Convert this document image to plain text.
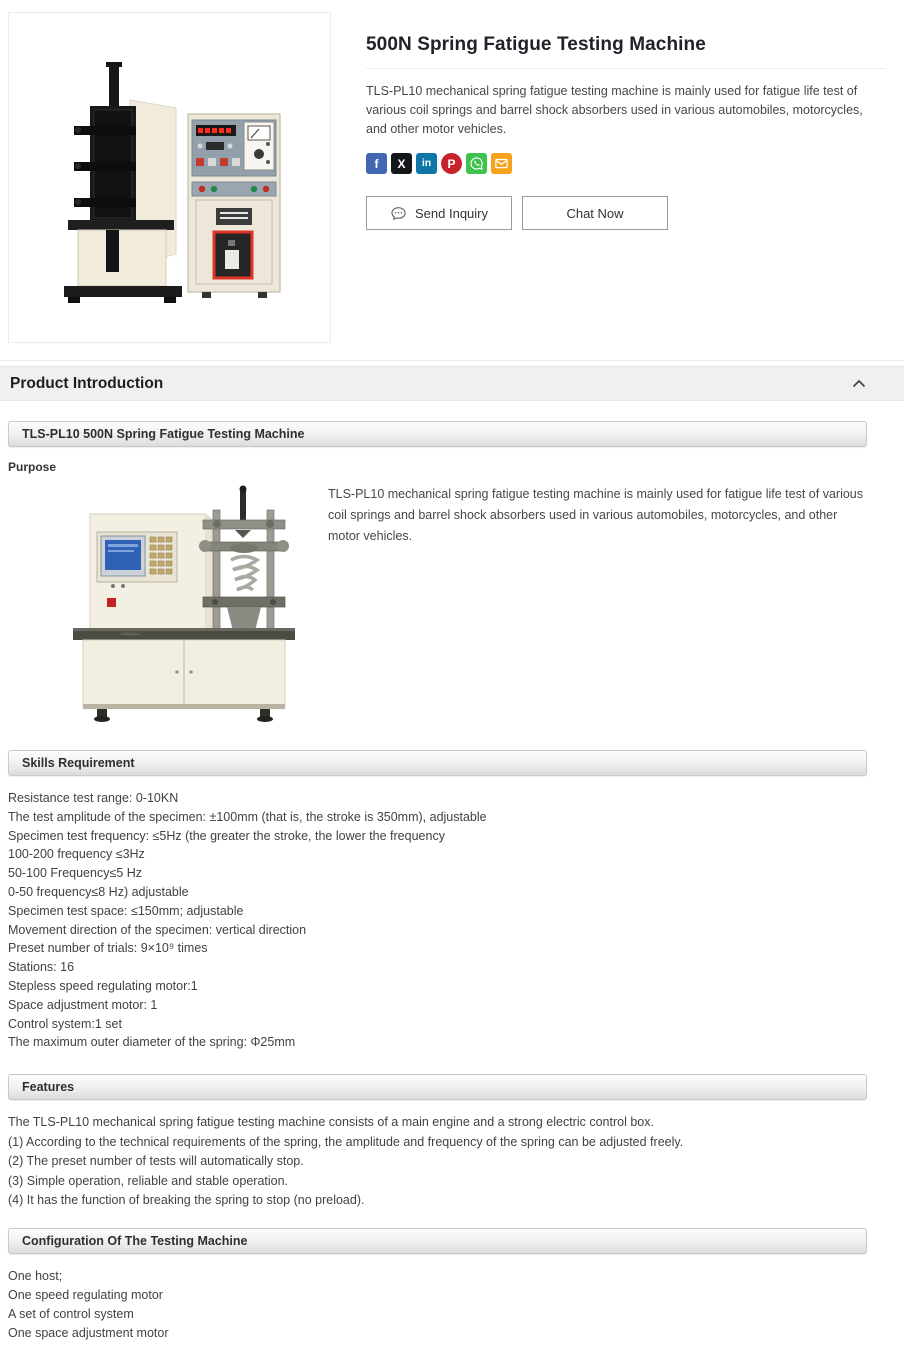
500N Spring Fatigue Testing Machine

TLS-PL10 mechanical spring fatigue testing machine is mainly used for fatigue life test of various coil springs and barrel shock absorbers used in various automobiles, motorcycles, and other motor vehicles.

f X in P
Send Inquiry	Chat Now
Product Introduction
TLS-PL10 500N Spring Fatigue Testing Machine
Purpose

TLS-PL10 mechanical spring fatigue testing machine is mainly used for fatigue life test of various coil springs and barrel shock absorbers used in various automobiles, motorcycles, and other motor vehicles.

Skills Requirement
Resistance test range: 0-10KN
The test amplitude of the specimen: ±100mm (that is, the stroke is 350mm), adjustable
Specimen test frequency: ≤5Hz (the greater the stroke, the lower the frequency
100-200 frequency ≤3Hz
50-100 Frequency≤5 Hz
0-50 frequency≤8 Hz) adjustable
Specimen test space: ≤150mm; adjustable
Movement direction of the specimen: vertical direction
Preset number of trials: 9×10⁹ times
Stations: 16
Stepless speed regulating motor:1
Space adjustment motor: 1
Control system:1 set
The maximum outer diameter of the spring: Φ25mm
Features
The TLS-PL10 mechanical spring fatigue testing machine consists of a main engine and a strong electric control box.
(1) According to the technical requirements of the spring, the amplitude and frequency of the spring can be adjusted freely.
(2) The preset number of tests will automatically stop.
(3) Simple operation, reliable and stable operation.
(4) It has the function of breaking the spring to stop (no preload).
Configuration Of The Testing Machine
One host;
One speed regulating motor
A set of control system
One space adjustment motor
